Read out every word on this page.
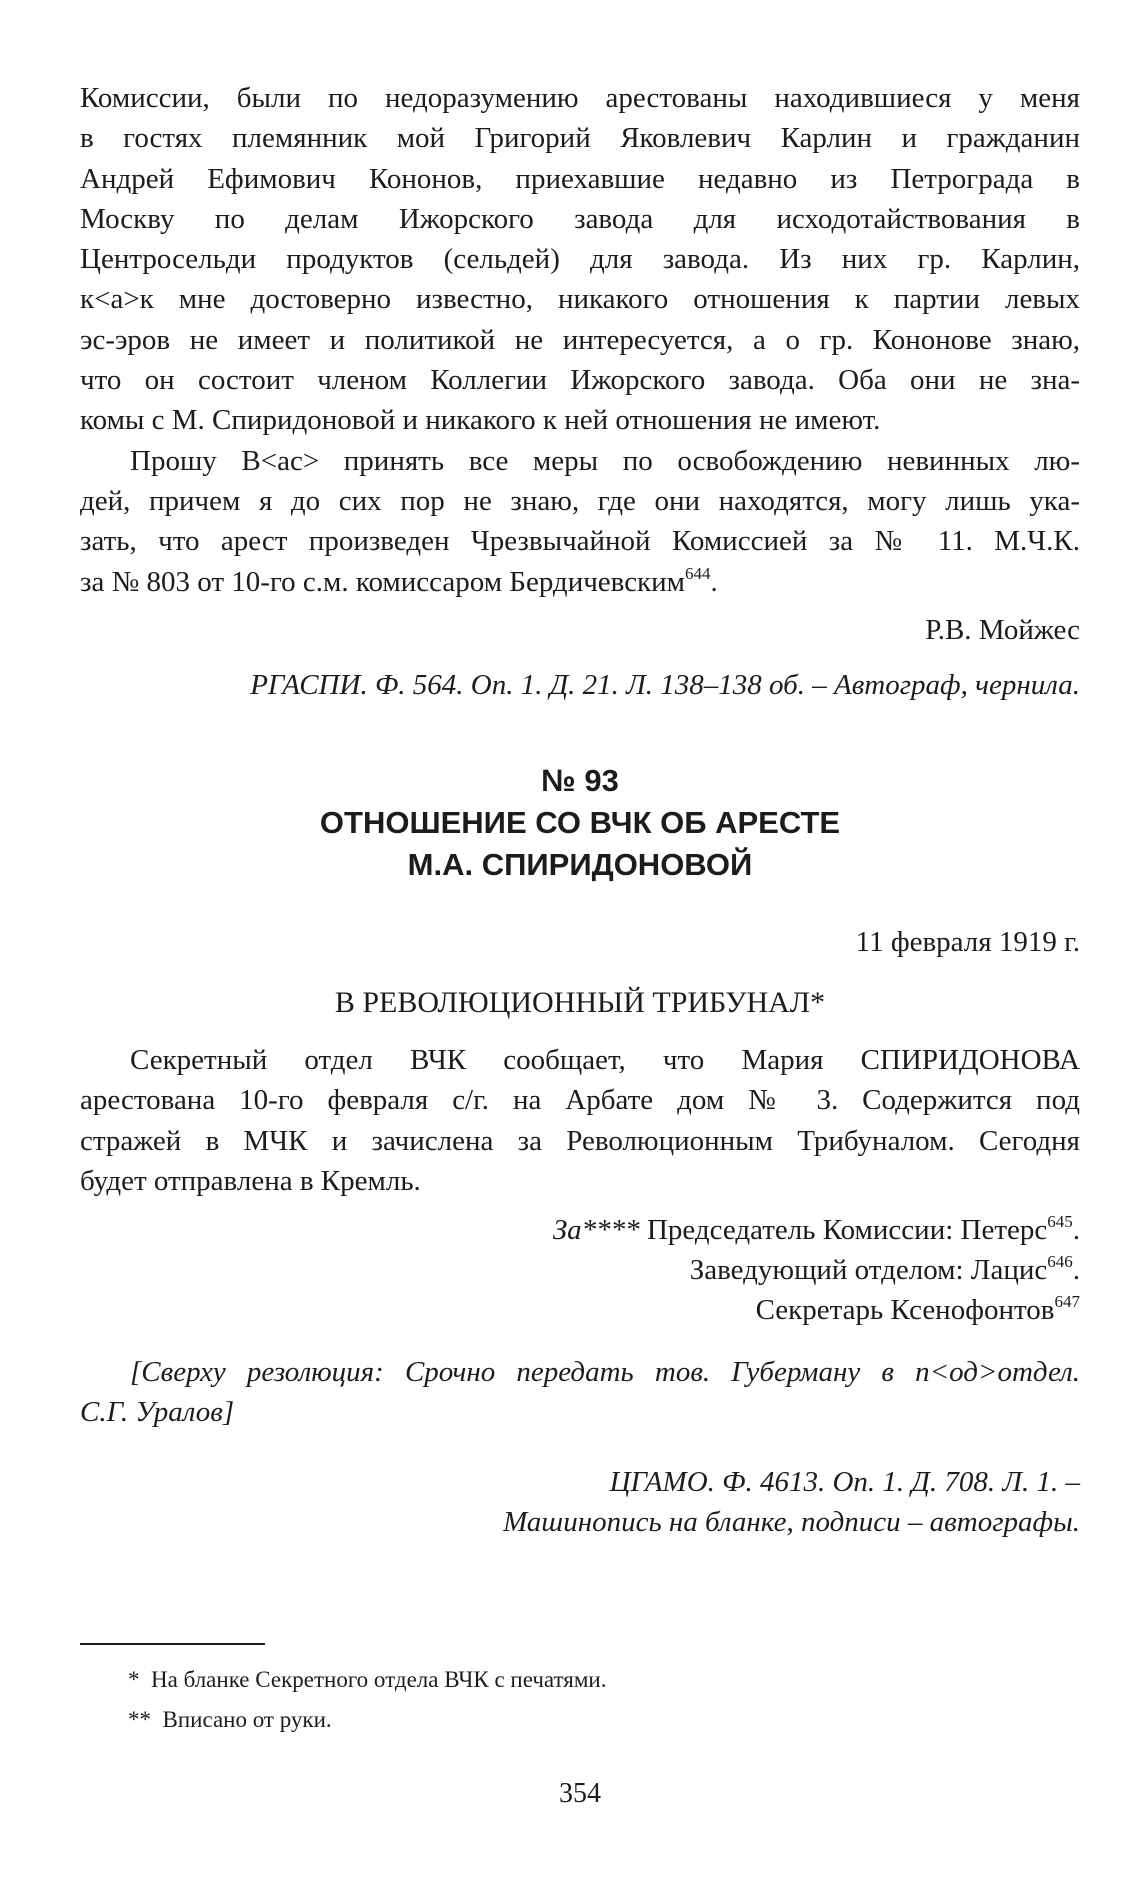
Комиссии, были по недоразумению арестованы находившиеся у меня

в гостях племянник мой Григорий Яковлевич Карлин и гражданин

Андрей Ефимович Кононов, приехавшие недавно из Петрограда в

Москву по делам Ижорского завода для исходотайствования в

Центросельди продуктов (сельдей) для завода. Из них гр. Карлин,

к<а>к мне достоверно известно, никакого отношения к партии левых

эс-эров не имеет и политикой не интересуется, а о гр. Кононове знаю,

что он состоит членом Коллегии Ижорского завода. Оба они не зна-

комы с М. Спиридоновой и никакого к ней отношения не имеют.

Прошу В<ас> принять все меры по освобождению невинных лю-

дей, причем я до сих пор не знаю, где они находятся, могу лишь ука-

зать, что арест произведен Чрезвычайной Комиссией за № 11. М.Ч.К.

за № 803 от 10-го с.м. комиссаром Бердичевским$^{644}$.

Р.В. Мойжес
РГАСПИ. Ф. 564. Оп. 1. Д. 21. Л. 138–138 об. – Автограф, чернила.

№ 93

ОТНОШЕНИЕ СО ВЧК ОБ АРЕСТЕ

М.А. СПИРИДОНОВОЙ

11 февраля 1919 г.
В РЕВОЛЮЦИОННЫЙ ТРИБУНАЛ*

Секретный отдел ВЧК сообщает, что Мария СПИРИДОНОВА

арестована 10-го февраля с/г. на Арбате дом № 3. Содержится под

стражей в МЧК и зачислена за Революционным Трибуналом. Сегодня

будет отправлена в Кремль.

За**** Председатель Комиссии: Петерс$^{645}$.
Заведующий отделом: Лацис$^{646}$.
Секретарь Ксенофонтов$^{647}$

[Сверху резолюция: Срочно передать тов. Губерману в п<од>отдел.

С.Г. Уралов]

ЦГАМО. Ф. 4613. Оп. 1. Д. 708. Л. 1. –

Машинопись на бланке, подписи – автографы.

* На бланке Секретного отдела ВЧК с печатями.
** Вписано от руки.
354
